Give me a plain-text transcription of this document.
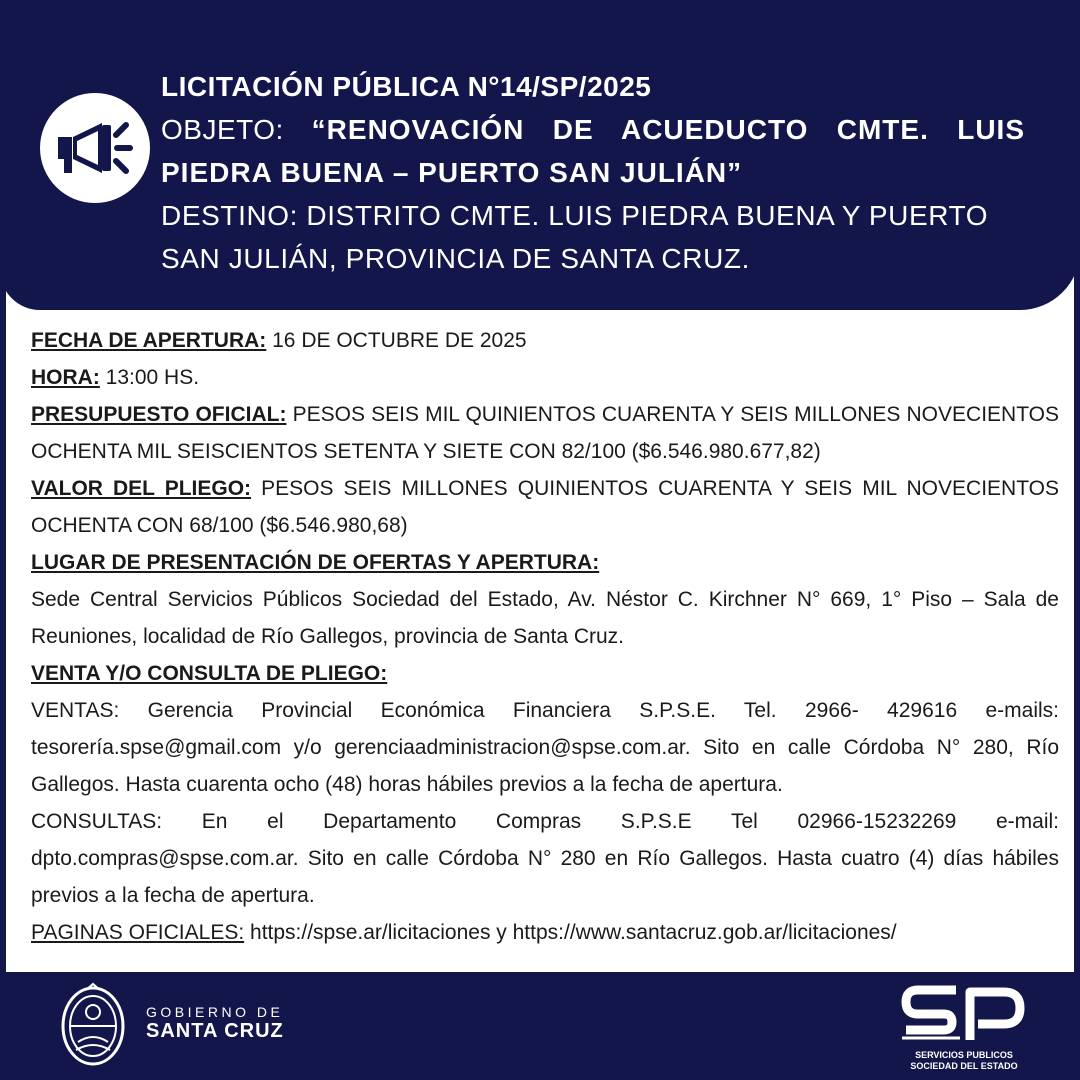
FECHA DE APERTURA: 16 DE OCTUBRE DE 2025

HORA: 13:00 HS.

PRESUPUESTO OFICIAL: PESOS SEIS MIL QUINIENTOS CUARENTA Y SEIS MILLONES NOVECIENTOS OCHENTA MIL SEISCIENTOS SETENTA Y SIETE CON 82/100 ($6.546.980.677,82)

VALOR DEL PLIEGO: PESOS SEIS MILLONES QUINIENTOS CUARENTA Y SEIS MIL NOVECIENTOS OCHENTA CON 68/100 ($6.546.980,68)

LUGAR DE PRESENTACIÓN DE OFERTAS Y APERTURA:

Sede Central Servicios Públicos Sociedad del Estado, Av. Néstor C. Kirchner N° 669, 1° Piso – Sala de Reuniones, localidad de Río Gallegos, provincia de Santa Cruz.

VENTA Y/O CONSULTA DE PLIEGO:

VENTAS: Gerencia Provincial Económica Financiera S.P.S.E. Tel. 2966- 429616 e-mails: tesorería.spse@gmail.com y/o gerenciaadministracion@spse.com.ar. Sito en calle Córdoba N° 280, Río Gallegos. Hasta cuarenta ocho (48) horas hábiles previos a la fecha de apertura.

CONSULTAS: En el Departamento Compras S.P.S.E Tel 02966-15232269 e-mail: dpto.compras@spse.com.ar. Sito en calle Córdoba N° 280 en Río Gallegos. Hasta cuatro (4) días hábiles previos a la fecha de apertura.

PAGINAS OFICIALES: https://spse.ar/licitaciones y https://www.santacruz.gob.ar/licitaciones/

LICITACIÓN PÚBLICA N°14/SP/2025

OBJETO: “RENOVACIÓN DE ACUEDUCTO CMTE. LUIS PIEDRA BUENA – PUERTO SAN JULIÁN”

DESTINO: DISTRITO CMTE. LUIS PIEDRA BUENA Y PUERTO SAN JULIÁN, PROVINCIA DE SANTA CRUZ.

GOBIERNO DE
SANTA CRUZ
SERVICIOS PUBLICOS
SOCIEDAD DEL ESTADO
